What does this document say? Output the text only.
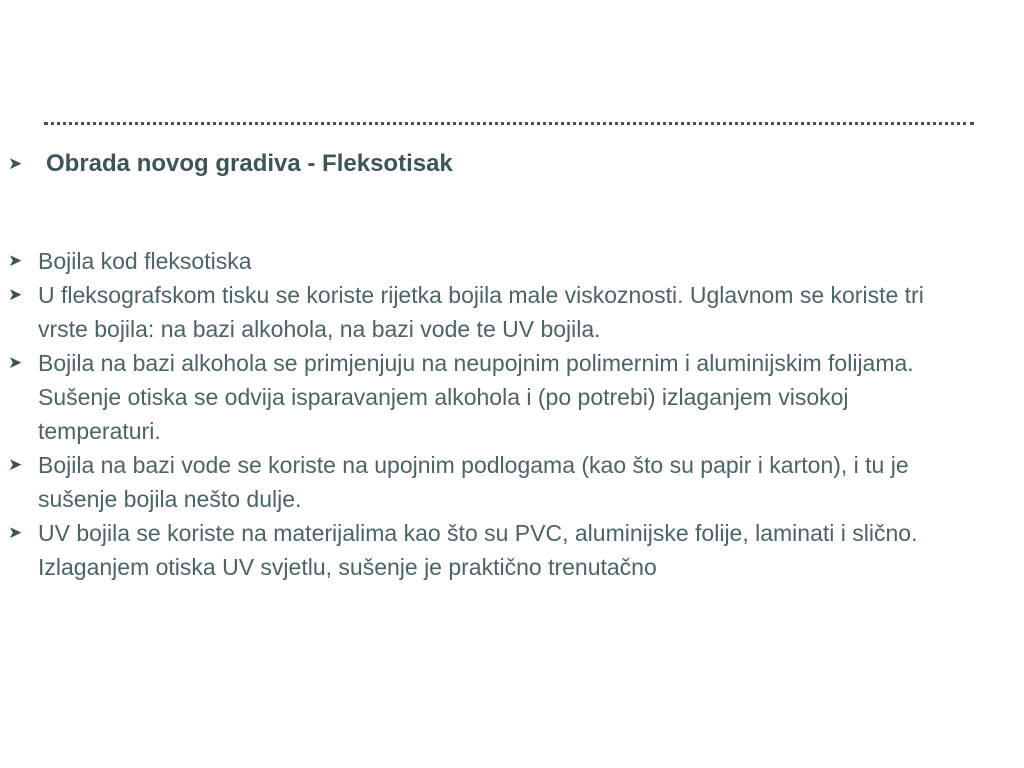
➤ Obrada novog gradiva - Fleksotisak
➤ Bojila kod fleksotiska
➤ U fleksografskom tisku se koriste rijetka bojila male viskoznosti. Uglavnom se koriste tri vrste bojila: na bazi alkohola, na bazi vode te UV bojila.
➤ Bojila na bazi alkohola se primjenjuju na neupojnim polimernim i aluminijskim folijama. Sušenje otiska se odvija isparavanjem alkohola i (po potrebi) izlaganjem visokoj temperaturi.
➤ Bojila na bazi vode se koriste na upojnim podlogama (kao što su papir i karton), i tu je sušenje bojila nešto dulje.
➤ UV bojila se koriste na materijalima kao što su PVC, aluminijske folije, laminati i slično. Izlaganjem otiska UV svjetlu, sušenje je praktično trenutačno
